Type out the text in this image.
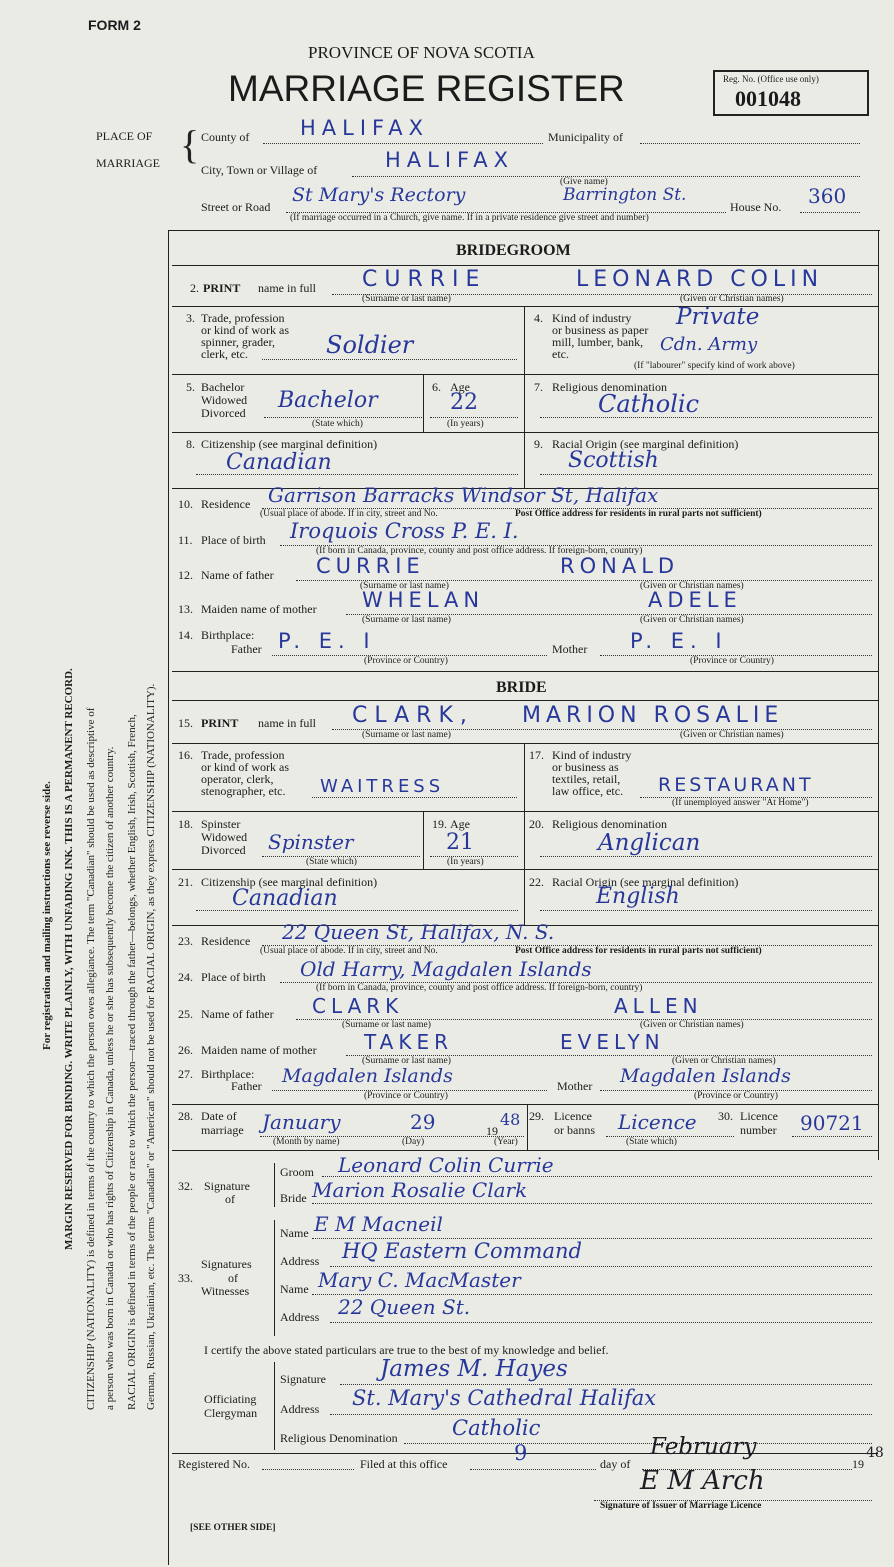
FORM 2
PROVINCE OF NOVA SCOTIA
MARRIAGE REGISTER	Reg. No. (Office use only)
001048
For registration and mailing instructions see reverse side. MARGIN RESERVED FOR BINDING. WRITE PLAINLY, WITH UNFADING INK. THIS IS A PERMANENT RECORD. CITIZENSHIP (NATIONALITY) is defined in terms of the country to which the person owes allegiance. The term "Canadian" should be used as descriptive of a person who was born in Canada or who has rights of Citizenship in Canada, unless he or she has subsequently become the citizen of another country. RACIAL ORIGIN is defined in terms of the people or race to which the person—traced through the father—belongs, whether English, Irish, Scottish, French, German, Russian, Ukrainian, etc. The terms "Canadian" or "American" should not be used for RACIAL ORIGIN, as they express CITIZENSHIP (NATIONALITY).
PLACE OF
MARRIAGE { County of HALIFAX	Municipality of
City, Town or Village of	HALIFAX
(Give name)
Street or Road
St Mary's Rectory	Barrington St.
House No. 360
(If marriage occurred in a Church, give name. If in a private residence give street and number)
BRIDEGROOM
2. PRINT name in full CURRIE	LEONARD COLIN
(Surname or last name)	(Given or Christian names)
3. Trade, profession
or kind of work as
spinner, grader,
clerk, etc.	Soldier
4. Kind of industry
or business as paper
mill, lumber, bank,
etc.
Private
Cdn. Army
(If "labourer" specify kind of work above)
5. Bachelor
Widowed
Divorced Bachelor
(State which)
6. Age
22
(In years)
7. Religious denomination
Catholic
8. Citizenship (see marginal definition)
Canadian
9. Racial Origin (see marginal definition)
Scottish
10. Residence Garrison Barracks Windsor St, Halifax
(Usual place of abode. If in city, street and No.	Post Office address for residents in rural parts not sufficient)
11. Place of birth Iroquois Cross P. E. I.
(If born in Canada, province, county and post office address. If foreign-born, country)
12. Name of father CURRIE	RONALD
(Surname or last name)	(Given or Christian names)
13. Maiden name of mother WHELAN	ADELE
(Surname or last name)	(Given or Christian names)
14. Birthplace:
Father P. E. I
(Province or Country)
Mother P. E. I
(Province or Country)
BRIDE
15. PRINT name in full CLARK, MARION ROSALIE
(Surname or last name)	(Given or Christian names)
16. Trade, profession
or kind of work as
operator, clerk,
stenographer, etc. WAITRESS
17. Kind of industry
or business as
textiles, retail,
law office, etc. RESTAURANT
(If unemployed answer "At Home")
18. Spinster
Widowed
Divorced Spinster
(State which)
19. Age
21
(In years)
20. Religious denomination
Anglican
21. Citizenship (see marginal definition)
Canadian
22. Racial Origin (see marginal definition)
English
23. Residence 22 Queen St, Halifax, N. S.
(Usual place of abode. If in city, street and No.	Post Office address for residents in rural parts not sufficient)
24. Place of birth Old Harry, Magdalen Islands
(If born in Canada, province, county and post office address. If foreign-born, country)
25. Name of father CLARK	ALLEN
(Surname or last name)	(Given or Christian names)
26. Maiden name of mother TAKER	EVELYN
(Surname or last name)	(Given or Christian names)
27. Birthplace:
Father Magdalen Islands
(Province or Country)
Mother Magdalen Islands
(Province or Country)
28. Date of
marriage January	29	19
48
(Month by name)	(Day)	(Year)
29. Licence
or banns Licence
(State which)
30. Licence
number 90721
32. Signature
of
Groom Leonard Colin Currie
Bride Marion Rosalie Clark
33.
Signatures
of
Witnesses
Name E M Macneil
Address HQ Eastern Command
Name Mary C. MacMaster
Address 22 Queen St.
I certify the above stated particulars are true to the best of my knowledge and belief.
Officiating
Clergyman
Signature James M. Hayes
Address St. Mary's Cathedral Halifax
Religious Denomination	Catholic
Registered No.	Filed at this office	9	day of
February
19
48
E M Arch
Signature of Issuer of Marriage Licence
[SEE OTHER SIDE]
